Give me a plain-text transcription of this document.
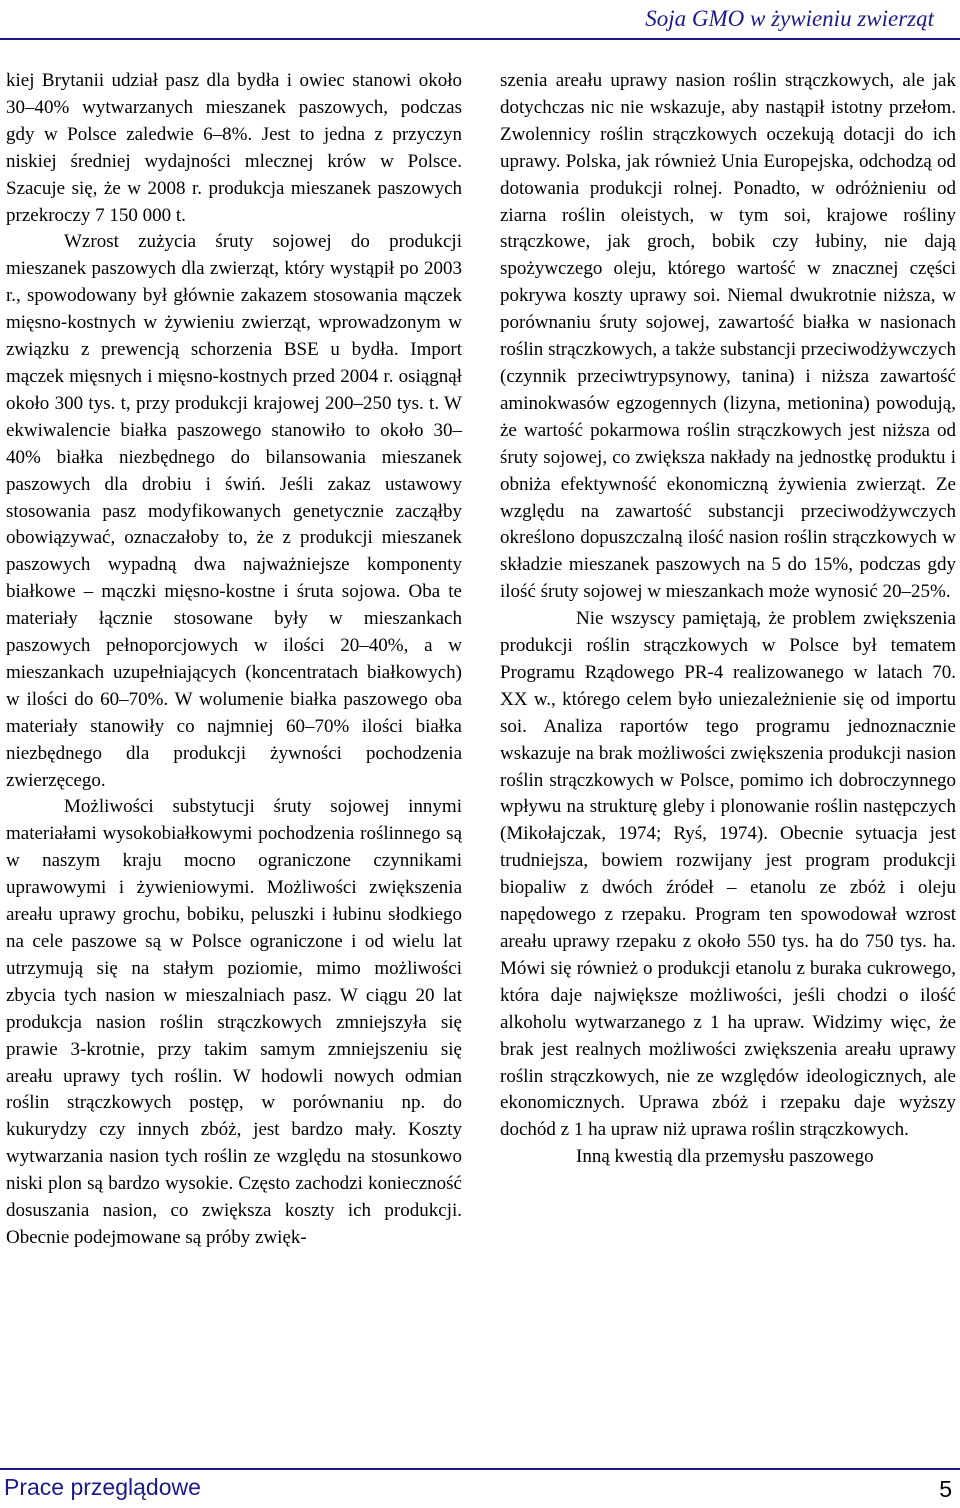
Soja GMO w żywieniu zwierząt

kiej Brytanii udział pasz dla bydła i owiec stanowi około 30–40% wytwarzanych mieszanek paszowych, podczas gdy w Polsce zaledwie 6–8%. Jest to jedna z przyczyn niskiej średniej wydajności mlecznej krów w Polsce. Szacuje się, że w 2008 r. produkcja mieszanek paszowych przekroczy 7 150 000 t.

Wzrost zużycia śruty sojowej do produkcji mieszanek paszowych dla zwierząt, który wystąpił po 2003 r., spowodowany był głównie zakazem stosowania mączek mięsno-kostnych w żywieniu zwierząt, wprowadzonym w związku z prewencją schorzenia BSE u bydła. Import mączek mięsnych i mięsno-kostnych przed 2004 r. osiągnął około 300 tys. t, przy produkcji krajowej 200–250 tys. t. W ekwiwalencie białka paszowego stanowiło to około 30–40% białka niezbędnego do bilansowania mieszanek paszowych dla drobiu i świń. Jeśli zakaz ustawowy stosowania pasz modyfikowanych genetycznie zacząłby obowiązywać, oznaczałoby to, że z produkcji mieszanek paszowych wypadną dwa najważniejsze komponenty białkowe – mączki mięsno-kostne i śruta sojowa. Oba te materiały łącznie stosowane były w mieszankach paszowych pełnoporcjowych w ilości 20–40%, a w mieszankach uzupełniających (koncentratach białkowych) w ilości do 60–70%. W wolumenie białka paszowego oba materiały stanowiły co najmniej 60–70% ilości białka niezbędnego dla produkcji żywności pochodzenia zwierzęcego.

Możliwości substytucji śruty sojowej innymi materiałami wysokobiałkowymi pochodzenia roślinnego są w naszym kraju mocno ograniczone czynnikami uprawowymi i żywieniowymi. Możliwości zwiększenia areału uprawy grochu, bobiku, peluszki i łubinu słodkiego na cele paszowe są w Polsce ograniczone i od wielu lat utrzymują się na stałym poziomie, mimo możliwości zbycia tych nasion w mieszalniach pasz. W ciągu 20 lat produkcja nasion roślin strączkowych zmniejszyła się prawie 3-krotnie, przy takim samym zmniejszeniu się areału uprawy tych roślin. W hodowli nowych odmian roślin strączkowych postęp, w porównaniu np. do kukurydzy czy innych zbóż, jest bardzo mały. Koszty wytwarzania nasion tych roślin ze względu na stosunkowo niski plon są bardzo wysokie. Często zachodzi konieczność dosuszania nasion, co zwiększa koszty ich produkcji. Obecnie podejmowane są próby zwięk-

szenia areału uprawy nasion roślin strączkowych, ale jak dotychczas nic nie wskazuje, aby nastąpił istotny przełom. Zwolennicy roślin strączkowych oczekują dotacji do ich uprawy. Polska, jak również Unia Europejska, odchodzą od dotowania produkcji rolnej. Ponadto, w odróżnieniu od ziarna roślin oleistych, w tym soi, krajowe rośliny strączkowe, jak groch, bobik czy łubiny, nie dają spożywczego oleju, którego wartość w znacznej części pokrywa koszty uprawy soi. Niemal dwukrotnie niższa, w porównaniu śruty sojowej, zawartość białka w nasionach roślin strączkowych, a także substancji przeciwodżywczych (czynnik przeciwtrypsynowy, tanina) i niższa zawartość aminokwasów egzogennych (lizyna, metionina) powodują, że wartość pokarmowa roślin strączkowych jest niższa od śruty sojowej, co zwiększa nakłady na jednostkę produktu i obniża efektywność ekonomiczną żywienia zwierząt. Ze względu na zawartość substancji przeciwodżywczych określono dopuszczalną ilość nasion roślin strączkowych w składzie mieszanek paszowych na 5 do 15%, podczas gdy ilość śruty sojowej w mieszankach może wynosić 20–25%.

Nie wszyscy pamiętają, że problem zwiększenia produkcji roślin strączkowych w Polsce był tematem Programu Rządowego PR-4 realizowanego w latach 70. XX w., którego celem było uniezależnienie się od importu soi. Analiza raportów tego programu jednoznacznie wskazuje na brak możliwości zwiększenia produkcji nasion roślin strączkowych w Polsce, pomimo ich dobroczynnego wpływu na strukturę gleby i plonowanie roślin następczych (Mikołajczak, 1974; Ryś, 1974). Obecnie sytuacja jest trudniejsza, bowiem rozwijany jest program produkcji biopaliw z dwóch źródeł – etanolu ze zbóż i oleju napędowego z rzepaku. Program ten spowodował wzrost areału uprawy rzepaku z około 550 tys. ha do 750 tys. ha. Mówi się również o produkcji etanolu z buraka cukrowego, która daje największe możliwości, jeśli chodzi o ilość alkoholu wytwarzanego z 1 ha upraw. Widzimy więc, że brak jest realnych możliwości zwiększenia areału uprawy roślin strączkowych, nie ze względów ideologicznych, ale ekonomicznych. Uprawa zbóż i rzepaku daje wyższy dochód z 1 ha upraw niż uprawa roślin strączkowych.

Inną kwestią dla przemysłu paszowego

Prace przeglądowe	5
